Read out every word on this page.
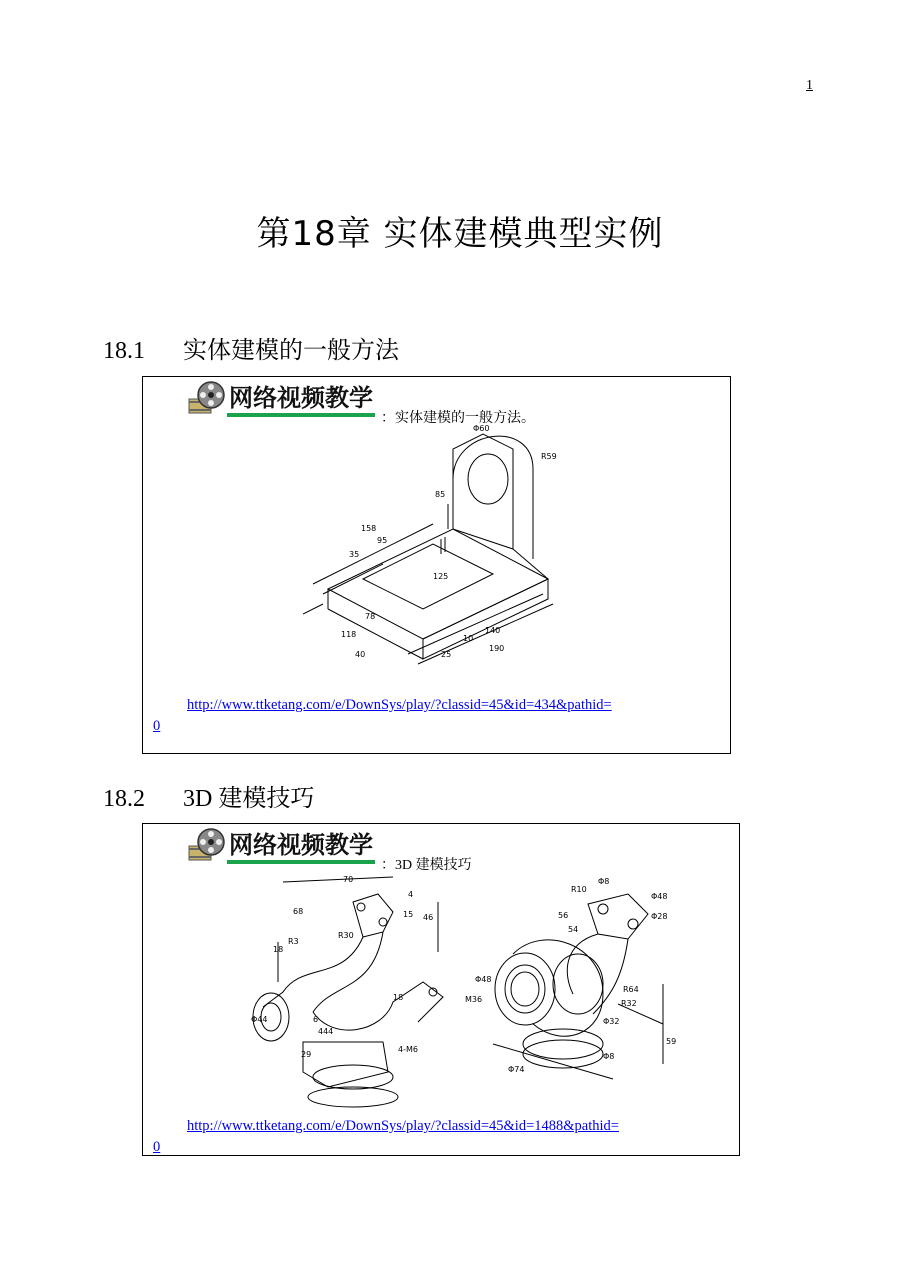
1
第18章 实体建模典型实例
18.1 实体建模的一般方法
网络视频教学
：实体建模的一般方法。
Φ60
R59
85
158
95
35
125
78
118
40
10
140
25
190
http://www.ttketang.com/e/DownSys/play/?classid=45&id=434&pathid=
0
18.2 3D 建模技巧
网络视频教学
：3D 建模技巧
70
68
18
R3
R30
4
15 46
Φ44	6
444
18
29
4-M6
R10
Φ8
Φ48
Φ28
56
54
Φ48
R64
R32
M36
Φ32
Φ8
Φ74
59
http://www.ttketang.com/e/DownSys/play/?classid=45&id=1488&pathid=
0
